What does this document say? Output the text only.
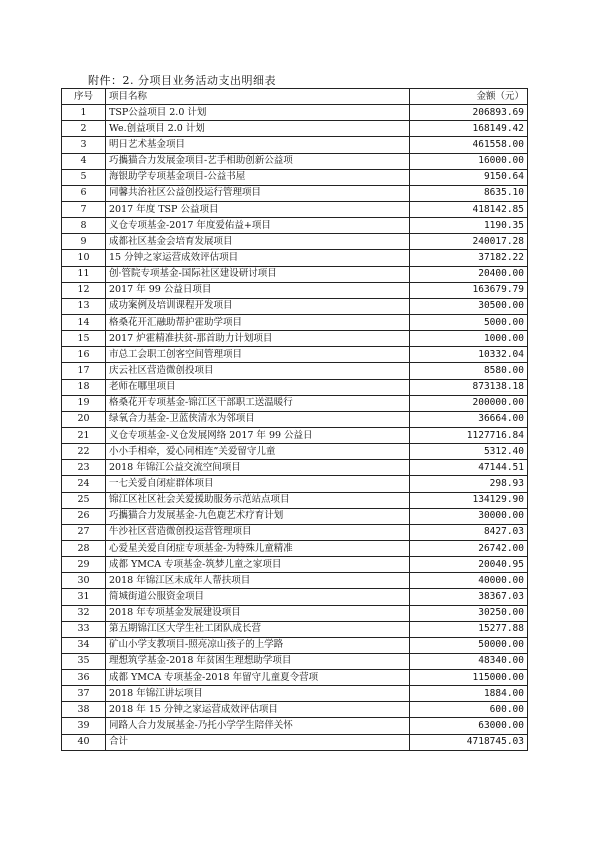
附件：2. 分项目业务活动支出明细表
序号	项目名称	金额（元）
1	TSP公益项目 2.0 计划	206893.69
2	We.创益项目 2.0 计划	168149.42
3	明日艺术基金项目	461558.00
4	巧攜猫合力发展金项目-艺手相助创新公益项	16000.00
5	海银助学专项基金项目-公益书屋	9150.64
6	同馨共治社区公益创投运行管理项目	8635.10
7	2017 年度 TSP 公益项目	418142.85
8	义仓专项基金-2017 年度爱佑益+项目	1190.35
9	成都社区基金会培育发展项目	240017.28
10	15 分钟之家运营成效评估项目	37182.22
11	创·管院专项基金-国际社区建设研讨项目	20400.00
12	2017 年 99 公益日项目	163679.79
13	成功案例及培训课程开发项目	30500.00
14	格桑花开汇融助帮护霍助学项目	5000.00
15	2017 炉霍精准扶贫-那首助力计划项目	1000.00
16	市总工会职工创客空间管理项目	10332.04
17	庆云社区营造微创投项目	8580.00
18	老师在哪里项目	873138.18
19	格桑花开专项基金-锦江区干部职工送温暖行	200000.00
20	绿氧合力基金-卫蓝侠清水为邻项目	36664.00
21	义仓专项基金-义仓发展网络 2017 年 99 公益日	1127716.84
22	小小手相牵，爱心同相连”关爱留守儿童	5312.40
23	2018 年锦江公益交流空间项目	47144.51
24	一七关爱自闭症群体项目	298.93
25	锦江区社区社会关爱援助服务示范站点项目	134129.90
26	巧攜猫合力发展基金-九色鹿艺术疗育计划	30000.00
27	牛沙社区营造微创投运营管理项目	8427.03
28	心爱星关爱自闭症专项基金-为特殊儿童精准	26742.00
29	成都 YMCA 专项基金-筑梦儿童之家项目	20040.95
30	2018 年锦江区未成年人帮扶项目	40000.00
31	简城街道公服资金项目	38367.03
32	2018 年专项基金发展建设项目	30250.00
33	第五期锦江区大学生社工团队成长营	15277.88
34	矿山小学支教项目-照亮凉山孩子的上学路	50000.00
35	理想筑学基金-2018 年贫困生理想助学项目	48340.00
36	成都 YMCA 专项基金-2018 年留守儿童夏令营项	115000.00
37	2018 年锦江讲坛项目	1884.00
38	2018 年 15 分钟之家运营成效评估项目	600.00
39	同路人合力发展基金-乃托小学学生陪伴关怀	63000.00
40	合计	4718745.03
